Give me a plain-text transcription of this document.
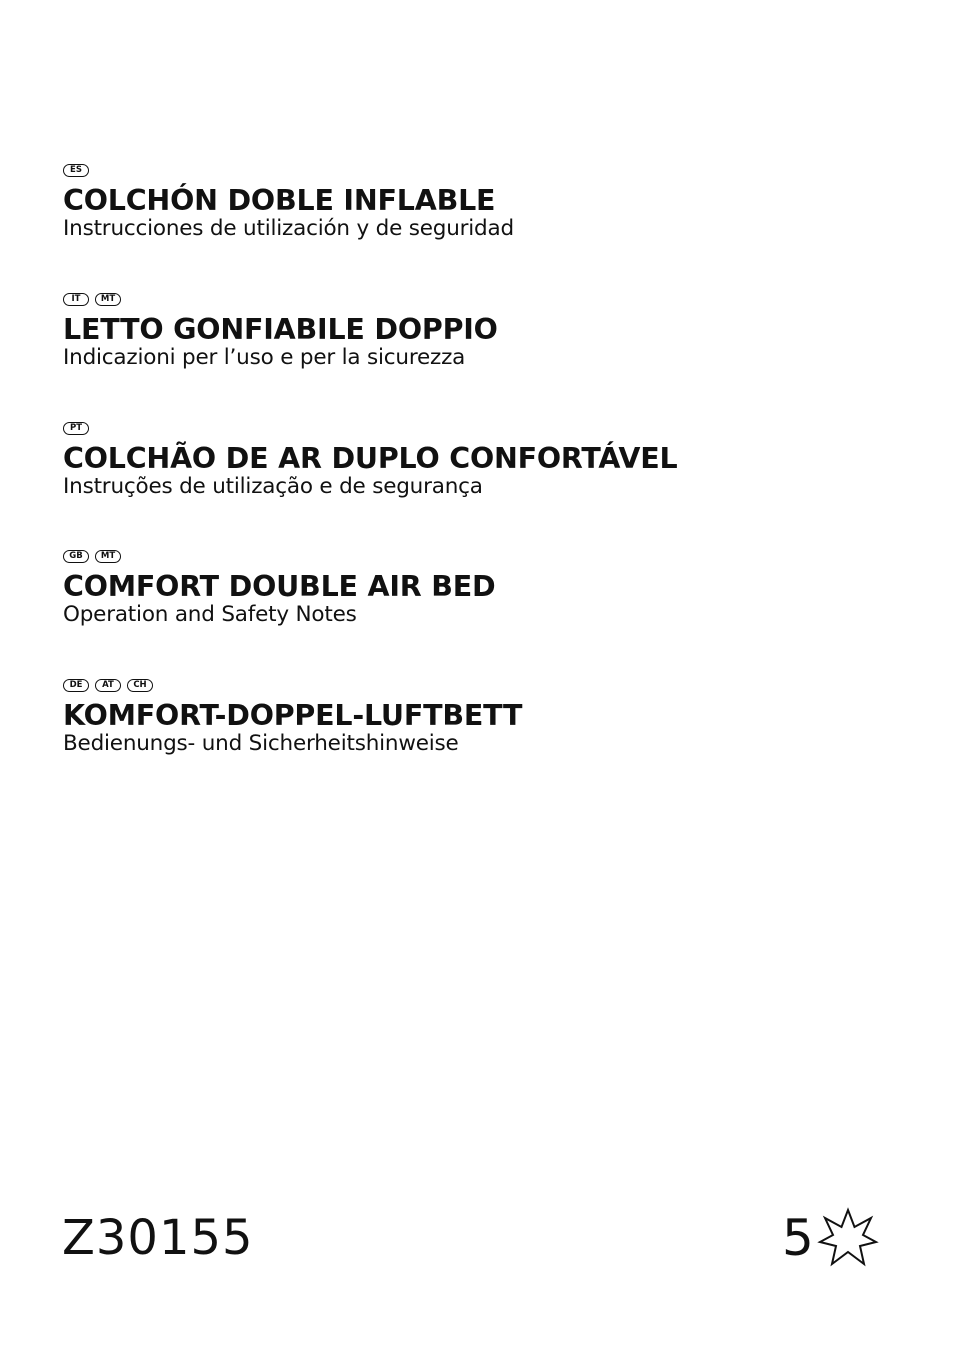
ES
COLCHÓN DOBLE INFLABLE
Instrucciones de utilización y de seguridad
IT	MT
LETTO GONFIABILE DOPPIO
Indicazioni per l’uso e per la sicurezza
PT
COLCHÃO DE AR DUPLO CONFORTÁVEL
Instruções de utilização e de segurança
GB	MT
COMFORT DOUBLE AIR BED
Operation and Safety Notes
DE	AT	CH
KOMFORT-DOPPEL-LUFTBETT
Bedienungs- und Sicherheitshinweise
Z30155	5
